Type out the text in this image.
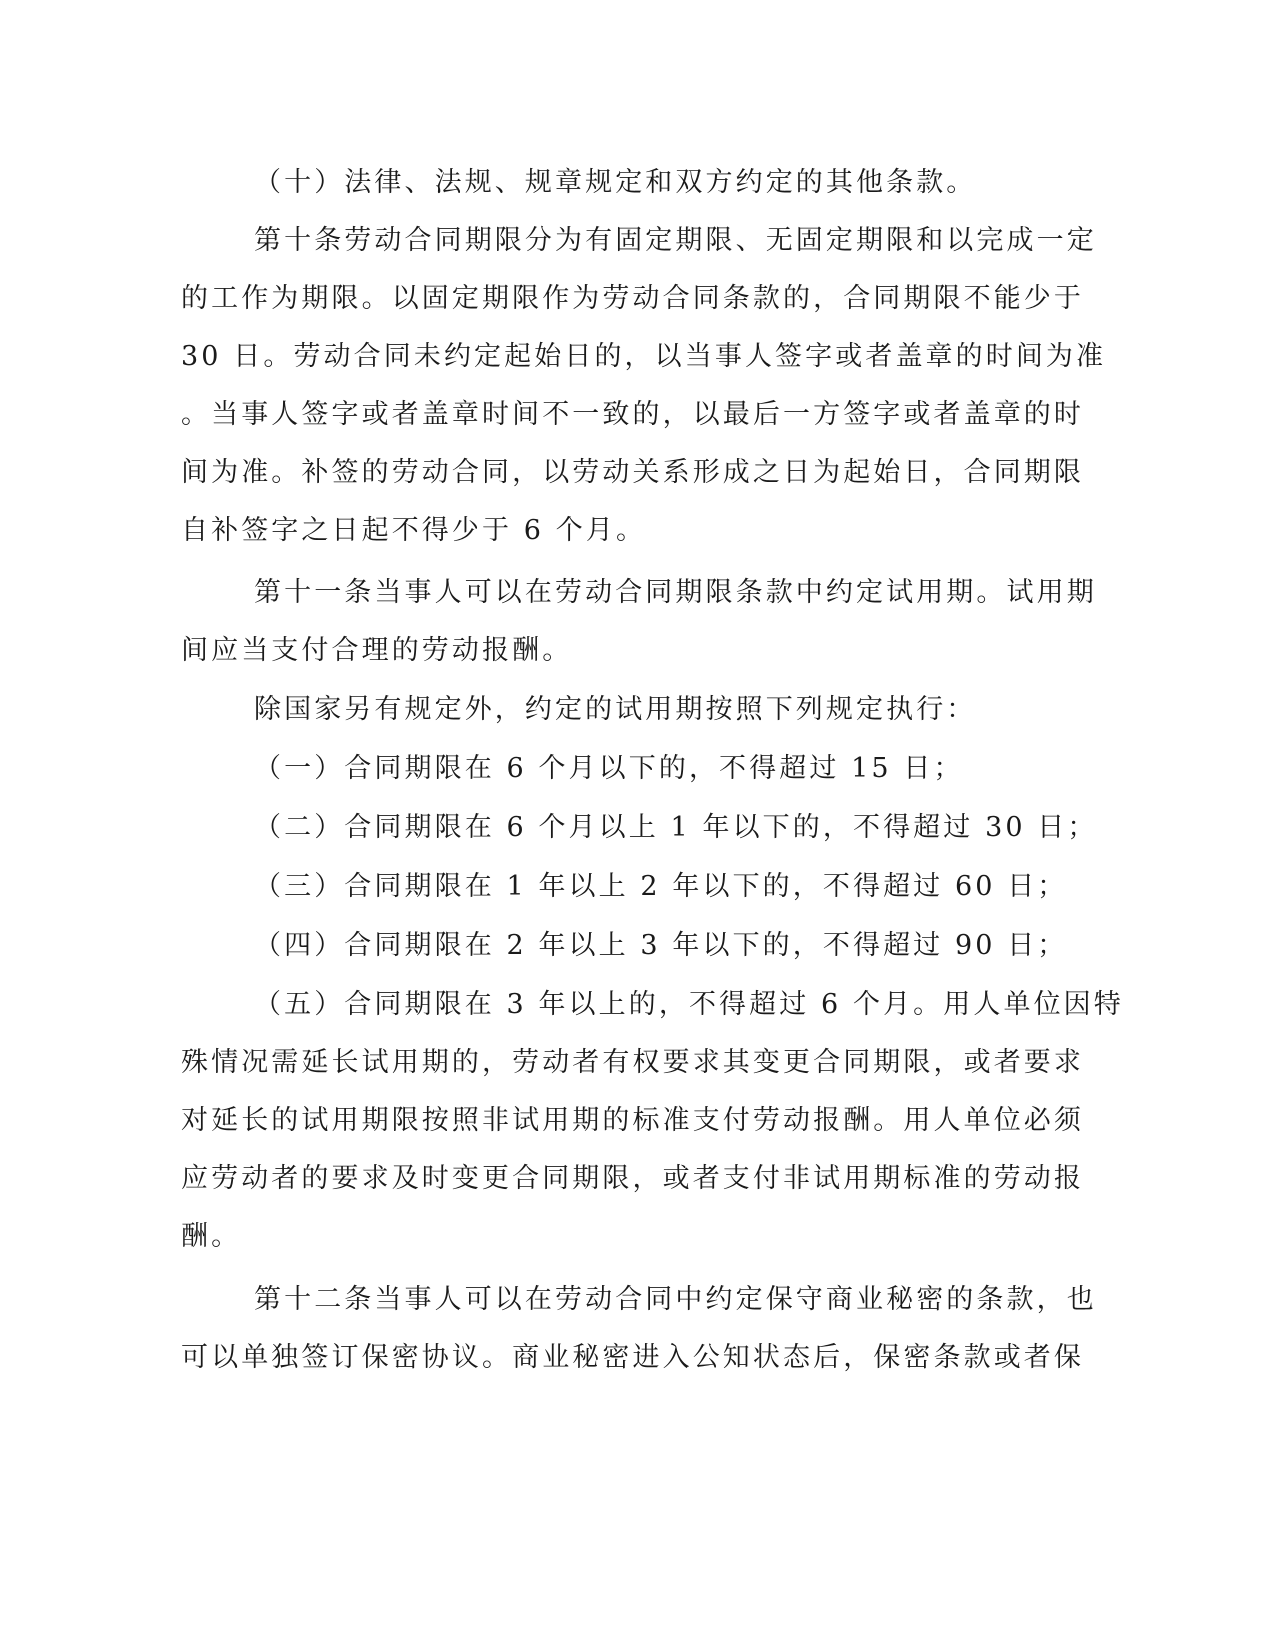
（十）法律、法规、规章规定和双方约定的其他条款。
第十条劳动合同期限分为有固定期限、无固定期限和以完成一定
的工作为期限。以固定期限作为劳动合同条款的，合同期限不能少于
30 日。劳动合同未约定起始日的，以当事人签字或者盖章的时间为准
。当事人签字或者盖章时间不一致的，以最后一方签字或者盖章的时
间为准。补签的劳动合同，以劳动关系形成之日为起始日，合同期限
自补签字之日起不得少于 6 个月。
第十一条当事人可以在劳动合同期限条款中约定试用期。试用期
间应当支付合理的劳动报酬。
除国家另有规定外，约定的试用期按照下列规定执行：
（一）合同期限在 6 个月以下的，不得超过 15 日；
（二）合同期限在 6 个月以上 1 年以下的，不得超过 30 日；
（三）合同期限在 1 年以上 2 年以下的，不得超过 60 日；
（四）合同期限在 2 年以上 3 年以下的，不得超过 90 日；
（五）合同期限在 3 年以上的，不得超过 6 个月。用人单位因特
殊情况需延长试用期的，劳动者有权要求其变更合同期限，或者要求
对延长的试用期限按照非试用期的标准支付劳动报酬。用人单位必须
应劳动者的要求及时变更合同期限，或者支付非试用期标准的劳动报
酬。
第十二条当事人可以在劳动合同中约定保守商业秘密的条款，也
可以单独签订保密协议。商业秘密进入公知状态后，保密条款或者保
